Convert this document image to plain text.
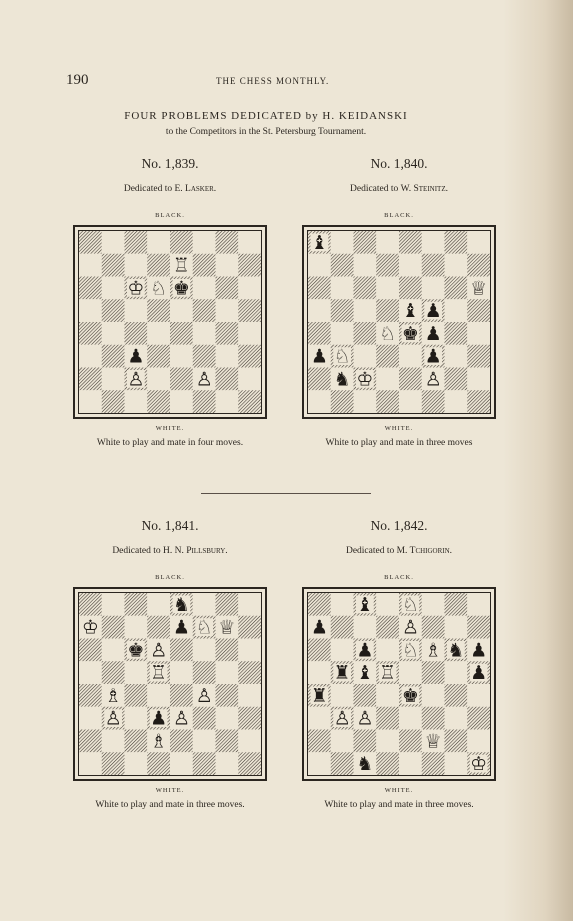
190	THE CHESS MONTHLY.
FOUR PROBLEMS DEDICATED by H. KEIDANSKI
to the Competitors in the St. Petersburg Tournament.
No. 1,839.
Dedicated to E. Lasker.
BLACK.
♖
♔ ♘ ♚
♟
♙	♙
WHITE.
White to play and mate in four moves.
No. 1,840.
Dedicated to W. Steinitz.
BLACK.
♝
♕
♝ ♟
♘ ♚ ♟
♟ ♘	♟
♞ ♔	♙
WHITE.
White to play and mate in three moves
No. 1,841.
Dedicated to H. N. Pillsbury.
BLACK.
♞
♔	♟ ♘ ♕
♚ ♙
♖
♗	♙
♙ ♟ ♙
♗
WHITE.
White to play and mate in three moves.
No. 1,842.
Dedicated to M. Tchigorin.
BLACK.
♝ ♘
♟	♙
♟ ♘ ♗ ♞ ♟
♜ ♝ ♖	♟
♜	♚
♙ ♙
♕
♞	♔
WHITE.
White to play and mate in three moves.
